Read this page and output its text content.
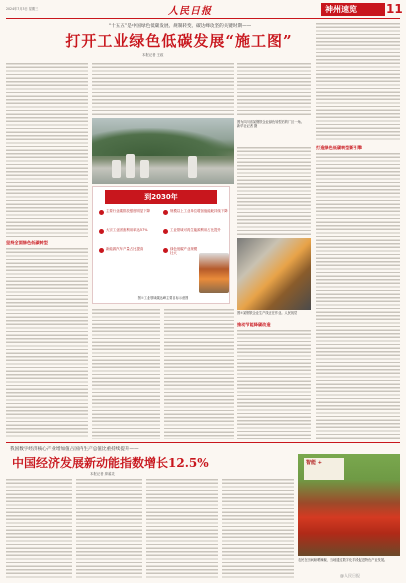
2024年7月3日 星期三	人民日报	神州速览	11
“十五五”是中国绿色低碳发展、规制转变、碳达峰攻坚的关键时期——
打开工业绿色低碳发展“施工图”
本报记者 王政
坚持全面绿色低碳转型
推动节能降碳改造
打造绿色低碳转型新引擎
图为四川省某钢铁企业绿色转型后的厂区一角。新华社记者 摄
到2030年
主要行业碳排放强度明显下降	规模以上工业单位增加值能耗持续下降
大宗工业固废利用率达57%	工业领域可再生能源利用占比提升
新能源汽车产量占比提高	绿色低碳产业规模壮大
图①工业领域碳达峰主要目标示意图
图②某钢铁企业生产线正在作业。人民视觉
我国数字经济核心产业增加值占国内生产总值比重持续提升——
中国经济发展新动能指数增长12.5%
本报记者 廖睿灵
智能 +
农民在田间晾晒辣椒，当地通过数字化手段促进特色产业发展。
@人民日报
